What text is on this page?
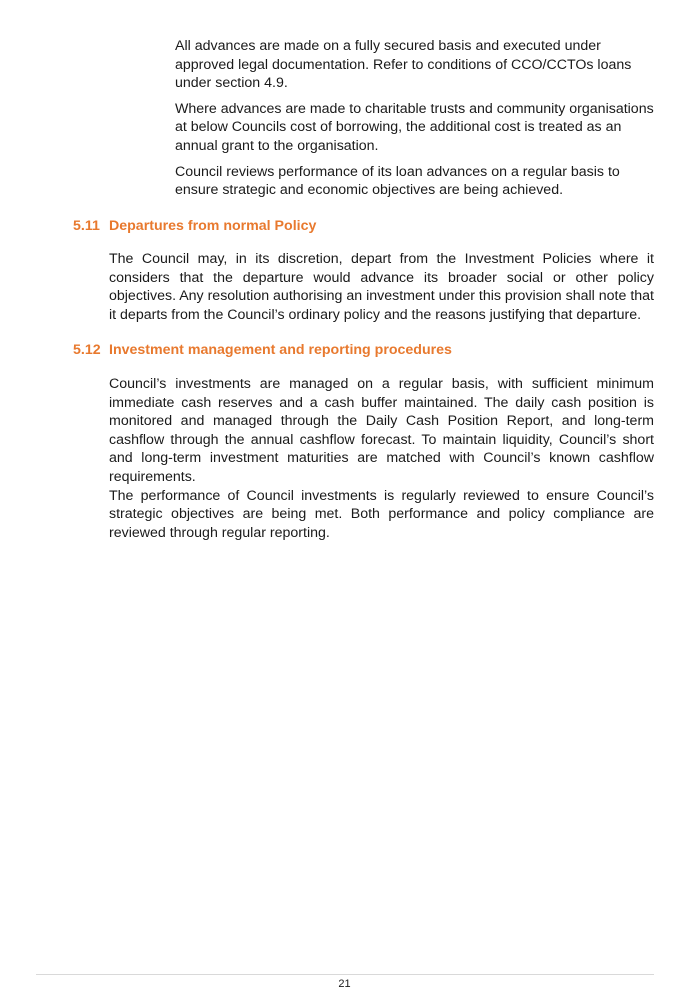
All advances are made on a fully secured basis and executed under approved legal documentation. Refer to conditions of CCO/CCTOs loans under section 4.9.

Where advances are made to charitable trusts and community organisations at below Councils cost of borrowing, the additional cost is treated as an annual grant to the organisation.

Council reviews performance of its loan advances on a regular basis to ensure strategic and economic objectives are being achieved.

5.11 Departures from normal Policy

The Council may, in its discretion, depart from the Investment Policies where it considers that the departure would advance its broader social or other policy objectives. Any resolution authorising an investment under this provision shall note that it departs from the Council’s ordinary policy and the reasons justifying that departure.

5.12 Investment management and reporting procedures

Council’s investments are managed on a regular basis, with sufficient minimum immediate cash reserves and a cash buffer maintained. The daily cash position is monitored and managed through the Daily Cash Position Report, and long-term cashflow through the annual cashflow forecast. To maintain liquidity, Council’s short and long-term investment maturities are matched with Council’s known cashflow requirements.

The performance of Council investments is regularly reviewed to ensure Council’s strategic objectives are being met. Both performance and policy compliance are reviewed through regular reporting.

21
